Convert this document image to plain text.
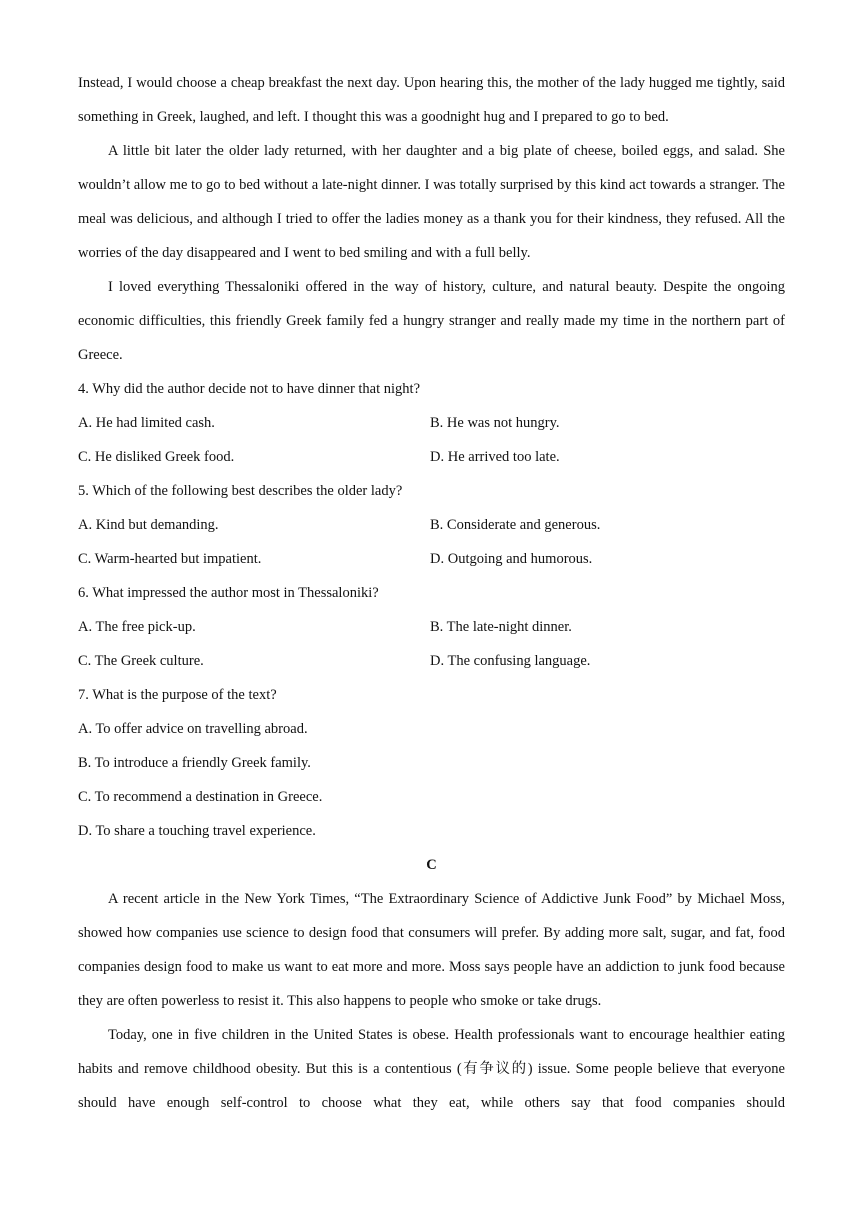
Instead, I would choose a cheap breakfast the next day. Upon hearing this, the mother of the lady hugged me tightly, said something in Greek, laughed, and left. I thought this was a goodnight hug and I prepared to go to bed.

A little bit later the older lady returned, with her daughter and a big plate of cheese, boiled eggs, and salad. She wouldn’t allow me to go to bed without a late-night dinner. I was totally surprised by this kind act towards a stranger. The meal was delicious, and although I tried to offer the ladies money as a thank you for their kindness, they refused. All the worries of the day disappeared and I went to bed smiling and with a full belly.

I loved everything Thessaloniki offered in the way of history, culture, and natural beauty. Despite the ongoing economic difficulties, this friendly Greek family fed a hungry stranger and really made my time in the northern part of Greece.

4. Why did the author decide not to have dinner that night?
A. He had limited cash.	B. He was not hungry.
C. He disliked Greek food.	D. He arrived too late.
5. Which of the following best describes the older lady?
A. Kind but demanding.	B. Considerate and generous.
C. Warm-hearted but impatient.	D. Outgoing and humorous.
6. What impressed the author most in Thessaloniki?
A. The free pick-up.	B. The late-night dinner.
C. The Greek culture.	D. The confusing language.
7. What is the purpose of the text?
A. To offer advice on travelling abroad.
B. To introduce a friendly Greek family.
C. To recommend a destination in Greece.
D. To share a touching travel experience.
C

A recent article in the New York Times, “The Extraordinary Science of Addictive Junk Food” by Michael Moss, showed how companies use science to design food that consumers will prefer. By adding more salt, sugar, and fat, food companies design food to make us want to eat more and more. Moss says people have an addiction to junk food because they are often powerless to resist it. This also happens to people who smoke or take drugs.

Today, one in five children in the United States is obese. Health professionals want to encourage healthier eating habits and remove childhood obesity. But this is a contentious (有争议的) issue. Some people believe that everyone should have enough self-control to choose what they eat, while others say that food companies should
